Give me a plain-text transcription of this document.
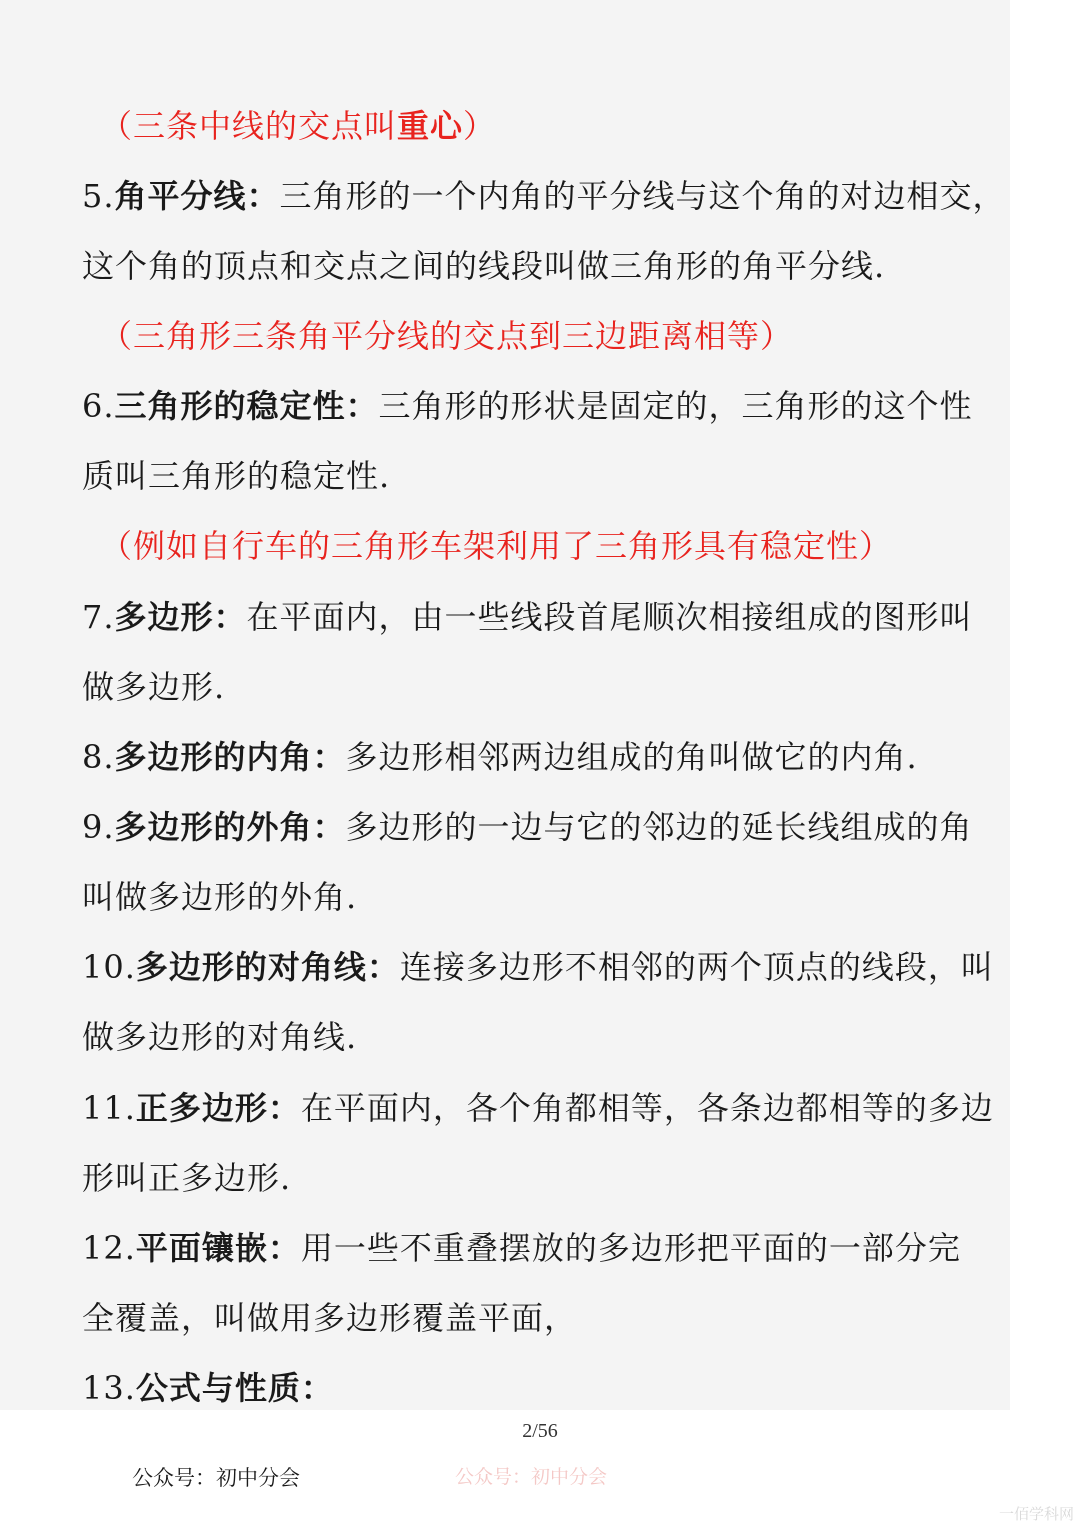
（三条中线的交点叫重心）
5.角平分线：三角形的一个内角的平分线与这个角的对边相交，
这个角的顶点和交点之间的线段叫做三角形的角平分线.
（三角形三条角平分线的交点到三边距离相等）
6.三角形的稳定性：三角形的形状是固定的，三角形的这个性
质叫三角形的稳定性.
（例如自行车的三角形车架利用了三角形具有稳定性）
7.多边形：在平面内，由一些线段首尾顺次相接组成的图形叫
做多边形.
8.多边形的内角：多边形相邻两边组成的角叫做它的内角.
9.多边形的外角：多边形的一边与它的邻边的延长线组成的角
叫做多边形的外角.
10.多边形的对角线：连接多边形不相邻的两个顶点的线段，叫
做多边形的对角线.
11.正多边形：在平面内，各个角都相等，各条边都相等的多边
形叫正多边形.
12.平面镶嵌：用一些不重叠摆放的多边形把平面的一部分完
全覆盖，叫做用多边形覆盖平面，
13.公式与性质：
2/56
公众号：初中分会	公众号：初中分会
一佰学科网
